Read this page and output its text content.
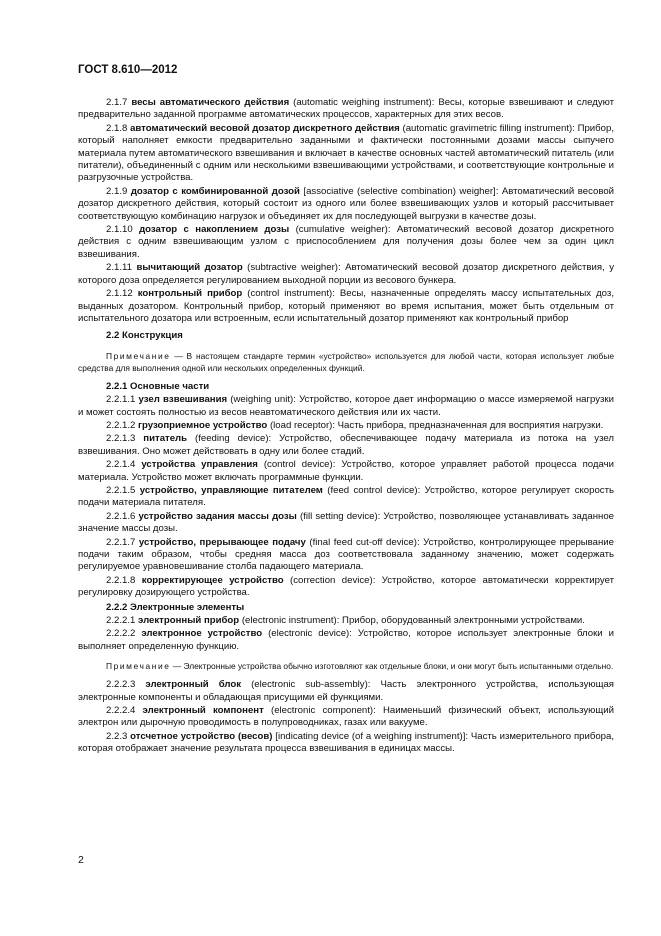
ГОСТ 8.610—2012

2.1.7 весы автоматического действия (automatic weighing instrument): Весы, которые взвешивают и следуют предварительно заданной программе автоматических процессов, характерных для этих весов.

2.1.8 автоматический весовой дозатор дискретного действия (automatic gravimetric filling instrument): Прибор, который наполняет емкости предварительно заданными и фактически постоянными дозами массы сыпучего материала путем автоматического взвешивания и включает в качестве основных частей автоматический питатель (или питатели), объединенный с одним или несколькими взвешивающими устройствами, и соответствующие контрольные и разгрузочные устройства.

2.1.9 дозатор с комбинированной дозой [associative (selective combination) weigher]: Автоматический весовой дозатор дискретного действия, который состоит из одного или более взвешивающих узлов и который рассчитывает соответствующую комбинацию нагрузок и объединяет их для последующей выгрузки в качестве дозы.

2.1.10 дозатор с накоплением дозы (cumulative weigher): Автоматический весовой дозатор дискретного действия с одним взвешивающим узлом с приспособлением для получения дозы более чем за один цикл взвешивания.

2.1.11 вычитающий дозатор (subtractive weigher): Автоматический весовой дозатор дискретного действия, у которого доза определяется регулированием выходной порции из весового бункера.

2.1.12 контрольный прибор (control instrument): Весы, назначенные определять массу испытательных доз, выданных дозатором. Контрольный прибор, который применяют во время испытания, может быть отдельным от испытательного дозатора или встроенным, если испытательный дозатор применяют как контрольный прибор

2.2 Конструкция

Примечание — В настоящем стандарте термин «устройство» используется для любой части, которая использует любые средства для выполнения одной или нескольких определенных функций.

2.2.1 Основные части

2.2.1.1 узел взвешивания (weighing unit): Устройство, которое дает информацию о массе измеряемой нагрузки и может состоять полностью из весов неавтоматического действия или их части.

2.2.1.2 грузоприемное устройство (load receptor): Часть прибора, предназначенная для восприятия нагрузки.

2.2.1.3 питатель (feeding device): Устройство, обеспечивающее подачу материала из потока на узел взвешивания. Оно может действовать в одну или более стадий.

2.2.1.4 устройства управления (control device): Устройство, которое управляет работой процесса подачи материала. Устройство может включать программные функции.

2.2.1.5 устройство, управляющие питателем (feed control device): Устройство, которое регулирует скорость подачи материала питателя.

2.2.1.6 устройство задания массы дозы (fill setting device): Устройство, позволяющее устанавливать заданное значение массы дозы.

2.2.1.7 устройство, прерывающее подачу (final feed cut-off device): Устройство, контролирующее прерывание подачи таким образом, чтобы средняя масса доз соответствовала заданному значению, может содержать регулируемое уравновешивание столба падающего материала.

2.2.1.8 корректирующее устройство (correction device): Устройство, которое автоматически корректирует регулировку дозирующего устройства.

2.2.2 Электронные элементы

2.2.2.1 электронный прибор (electronic instrument): Прибор, оборудованный электронными устройствами.

2.2.2.2 электронное устройство (electronic device): Устройство, которое использует электронные блоки и выполняет определенную функцию.

Примечание — Электронные устройства обычно изготовляют как отдельные блоки, и они могут быть испытанными отдельно.

2.2.2.3 электронный блок (electronic sub-assembly): Часть электронного устройства, использующая электронные компоненты и обладающая присущими ей функциями.

2.2.2.4 электронный компонент (electronic component): Наименьший физический объект, использующий электрон или дырочную проводимость в полупроводниках, газах или вакууме.

2.2.3 отсчетное устройство (весов) [indicating device (of a weighing instrument)]: Часть измерительного прибора, которая отображает значение результата процесса взвешивания в единицах массы.

2
